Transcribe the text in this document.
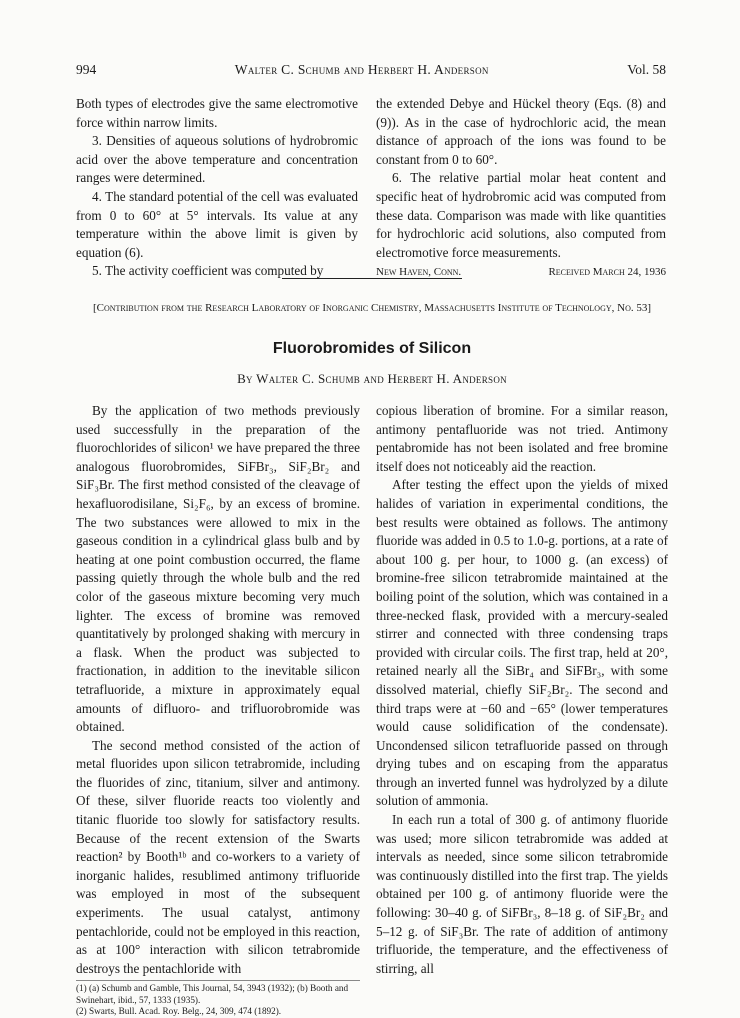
994	Walter C. Schumb and Herbert H. Anderson	Vol. 58

Both types of electrodes give the same electromotive force within narrow limits.

3. Densities of aqueous solutions of hydrobromic acid over the above temperature and concentration ranges were determined.

4. The standard potential of the cell was evaluated from 0 to 60° at 5° intervals. Its value at any temperature within the above limit is given by equation (6).

5. The activity coefficient was computed by

the extended Debye and Hückel theory (Eqs. (8) and (9)). As in the case of hydrochloric acid, the mean distance of approach of the ions was found to be constant from 0 to 60°.

6. The relative partial molar heat content and specific heat of hydrobromic acid was computed from these data. Comparison was made with like quantities for hydrochloric acid solutions, also computed from electromotive force measurements.

New Haven, Conn.	Received March 24, 1936
[Contribution from the Research Laboratory of Inorganic Chemistry, Massachusetts Institute of Technology, No. 53]
Fluorobromides of Silicon
By Walter C. Schumb and Herbert H. Anderson

By the application of two methods previously used successfully in the preparation of the fluorochlorides of silicon¹ we have prepared the three analogous fluorobromides, SiFBr₃, SiF₂Br₂ and SiF₃Br. The first method consisted of the cleavage of hexafluorodisilane, Si₂F₆, by an excess of bromine. The two substances were allowed to mix in the gaseous condition in a cylindrical glass bulb and by heating at one point combustion occurred, the flame passing quietly through the whole bulb and the red color of the gaseous mixture becoming very much lighter. The excess of bromine was removed quantitatively by prolonged shaking with mercury in a flask. When the product was subjected to fractionation, in addition to the inevitable silicon tetrafluoride, a mixture in approximately equal amounts of difluoro- and trifluorobromide was obtained.

The second method consisted of the action of metal fluorides upon silicon tetrabromide, including the fluorides of zinc, titanium, silver and antimony. Of these, silver fluoride reacts too violently and titanic fluoride too slowly for satisfactory results. Because of the recent extension of the Swarts reaction² by Booth¹ᵇ and co-workers to a variety of inorganic halides, resublimed antimony trifluoride was employed in most of the subsequent experiments. The usual catalyst, antimony pentachloride, could not be employed in this reaction, as at 100° interaction with silicon tetrabromide destroys the pentachloride with

(1) (a) Schumb and Gamble, This Journal, 54, 3943 (1932); (b) Booth and Swinehart, ibid., 57, 1333 (1935).
(2) Swarts, Bull. Acad. Roy. Belg., 24, 309, 474 (1892).

copious liberation of bromine. For a similar reason, antimony pentafluoride was not tried. Antimony pentabromide has not been isolated and free bromine itself does not noticeably aid the reaction.

After testing the effect upon the yields of mixed halides of variation in experimental conditions, the best results were obtained as follows. The antimony fluoride was added in 0.5 to 1.0-g. portions, at a rate of about 100 g. per hour, to 1000 g. (an excess) of bromine-free silicon tetrabromide maintained at the boiling point of the solution, which was contained in a three-necked flask, provided with a mercury-sealed stirrer and connected with three condensing traps provided with circular coils. The first trap, held at 20°, retained nearly all the SiBr₄ and SiFBr₃, with some dissolved material, chiefly SiF₂Br₂. The second and third traps were at −60 and −65° (lower temperatures would cause solidification of the condensate). Uncondensed silicon tetrafluoride passed on through drying tubes and on escaping from the apparatus through an inverted funnel was hydrolyzed by a dilute solution of ammonia.

In each run a total of 300 g. of antimony fluoride was used; more silicon tetrabromide was added at intervals as needed, since some silicon tetrabromide was continuously distilled into the first trap. The yields obtained per 100 g. of antimony fluoride were the following: 30–40 g. of SiFBr₃, 8–18 g. of SiF₂Br₂ and 5–12 g. of SiF₃Br. The rate of addition of antimony trifluoride, the temperature, and the effectiveness of stirring, all
